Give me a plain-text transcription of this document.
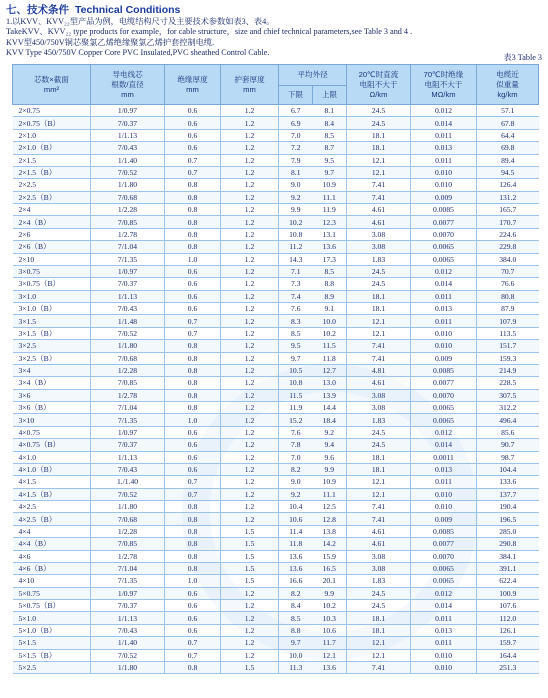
七、技术条件 Technical Conditions
1.以KVV、KVV₂₂型产品为例，电缆结构尺寸及主要技术参数如表3、表4。
TakeKVV、KVV₂₂ type products for example，for cable structure，size and chief technical parameters,see Table 3 and 4 .
KVV型450/750V铜芯聚氯乙烯绝缘聚氯乙烯护套控制电缆.
KVV Type 450/750V Copper Core PVC Insulated,PVC sheathed Control Cable.
表3 Table 3
芯数×截面
mm²	导电线芯
根数/直径
mm	绝缘厚度
mm	护套厚度
mm	平均外径		20℃时直流
电阻不大于
Ω/km	70℃时绝缘
电阻不大于
MΩ/km	电缆近
似重量
kg/km
				下限	上限			
2×0.75	1/0.97	0.6	1.2	6.7	8.1	24.5	0.012	57.1
2×0.75（B）	7/0.37	0.6	1.2	6.9	8.4	24.5	0.014	67.8
2×1.0	1/1.13	0.6	1.2	7.0	8.5	18.1	0.011	64.4
2×1.0（B）	7/0.43	0.6	1.2	7.2	8.7	18.1	0.013	69.8
2×1.5	1/1.40	0.7	1.2	7.9	9.5	12.1	0.011	89.4
2×1.5（B）	7/0.52	0.7	1.2	8.1	9.7	12.1	0.010	94.5
2×2.5	1/1.80	0.8	1.2	9.0	10.9	7.41	0.010	126.4
2×2.5（B）	7/0.68	0.8	1.2	9.2	11.1	7.41	0.009	131.2
2×4	1/2.28	0.8	1.2	9.9	11.9	4.61	0.0085	165.7
2×4（B）	7/0.85	0.8	1.2	10.2	12.3	4.61	0.0077	170.7
2×6	1/2.78	0.8	1.2	10.8	13.1	3.08	0.0070	224.6
2×6（B）	7/1.04	0.8	1.2	11.2	13.6	3.08	0.0065	229.8
2×10	7/1.35	1.0	1.2	14.3	17.3	1.83	0.0065	384.0
3×0.75	1/0.97	0.6	1.2	7.1	8.5	24.5	0.012	70.7
3×0.75（B）	7/0.37	0.6	1.2	7.3	8.8	24.5	0.014	76.6
3×1.0	1/1.13	0.6	1.2	7.4	8.9	18.1	0.011	80.8
3×1.0（B）	7/0.43	0.6	1.2	7.6	9.1	18.1	0.013	87.9
3×1.5	1/1.48	0.7	1.2	8.3	10.0	12.1	0.011	107.9
3×1.5（B）	7/0.52	0.7	1.2	8.5	10.2	12.1	0.010	113.5
3×2.5	1/1.80	0.8	1.2	9.5	11.5	7.41	0.010	151.7
3×2.5（B）	7/0.68	0.8	1.2	9.7	11.8	7.41	0.009	159.3
3×4	1/2.28	0.8	1.2	10.5	12.7	4.81	0.0085	214.9
3×4（B）	7/0.85	0.8	1.2	10.8	13.0	4.61	0.0077	228.5
3×6	1/2.78	0.8	1.2	11.5	13.9	3.08	0.0070	307.5
3×6（B）	7/1.04	0.8	1.2	11.9	14.4	3.08	0.0065	312.2
3×10	7/1.35	1.0	1.2	15.2	18.4	1.83	0.0065	496.4
4×0.75	1/0.97	0.6	1.2	7.6	9.2	24.5	0.012	85.6
4×0.75（B）	7/0.37	0.6	1.2	7.8	9.4	24.5	0.014	90.7
4×1.0	1/1.13	0.6	1.2	7.0	9.6	18.1	0.0011	98.7
4×1.0（B）	7/0.43	0.6	1.2	8.2	9.9	18.1	0.013	104.4
4×1.5	1./1.40	0.7	1.2	9.0	10.9	12.1	0.011	133.6
4×1.5（B）	7/0.52	0.7	1.2	9.2	11.1	12.1	0.010	137.7
4×2.5	1/1.80	0.8	1.2	10.4	12.5	7.41	0.010	190.4
4×2.5（B）	7/0.68	0.8	1.2	10.6	12.8	7.41	0.009	196.5
4×4	1/2.28	0.8	1.5	11.4	13.8	4.61	0.0085	285.0
4×4（B）	7/0.85	0.8	1.5	11.8	14.2	4.61	0.0077	290.8
4×6	1/2.78	0.8	1.5	13.6	15.9	3.08	0.0070	384.1
4×6（B）	7/1.04	0.8	1.5	13.6	16.5	3.08	0.0065	391.1
4×10	7/1.35	1.0	1.5	16.6	20.1	1.83	0.0065	622.4
5×0.75	1/0.97	0.6	1.2	8.2	9.9	24.5	0.012	100.9
5×0.75（B）	7/0.37	0.6	1.2	8.4	10.2	24.5	0.014	107.6
5×1.0	1/1.13	0.6	1.2	8.5	10.3	18.1	0.011	112.0
5×1.0（B）	7/0.43	0.6	1.2	8.8	10.6	18.1	0.013	126.1
5×1.5	1/1.40	0.7	1.2	9.7	11.7	12.1	0.011	159.7
5×1.5（B）	7/0.52	0.7	1.2	10.0	12.1	12.1	0.010	164.4
5×2.5	1/1.80	0.8	1.5	11.3	13.6	7.41	0.010	251.3
